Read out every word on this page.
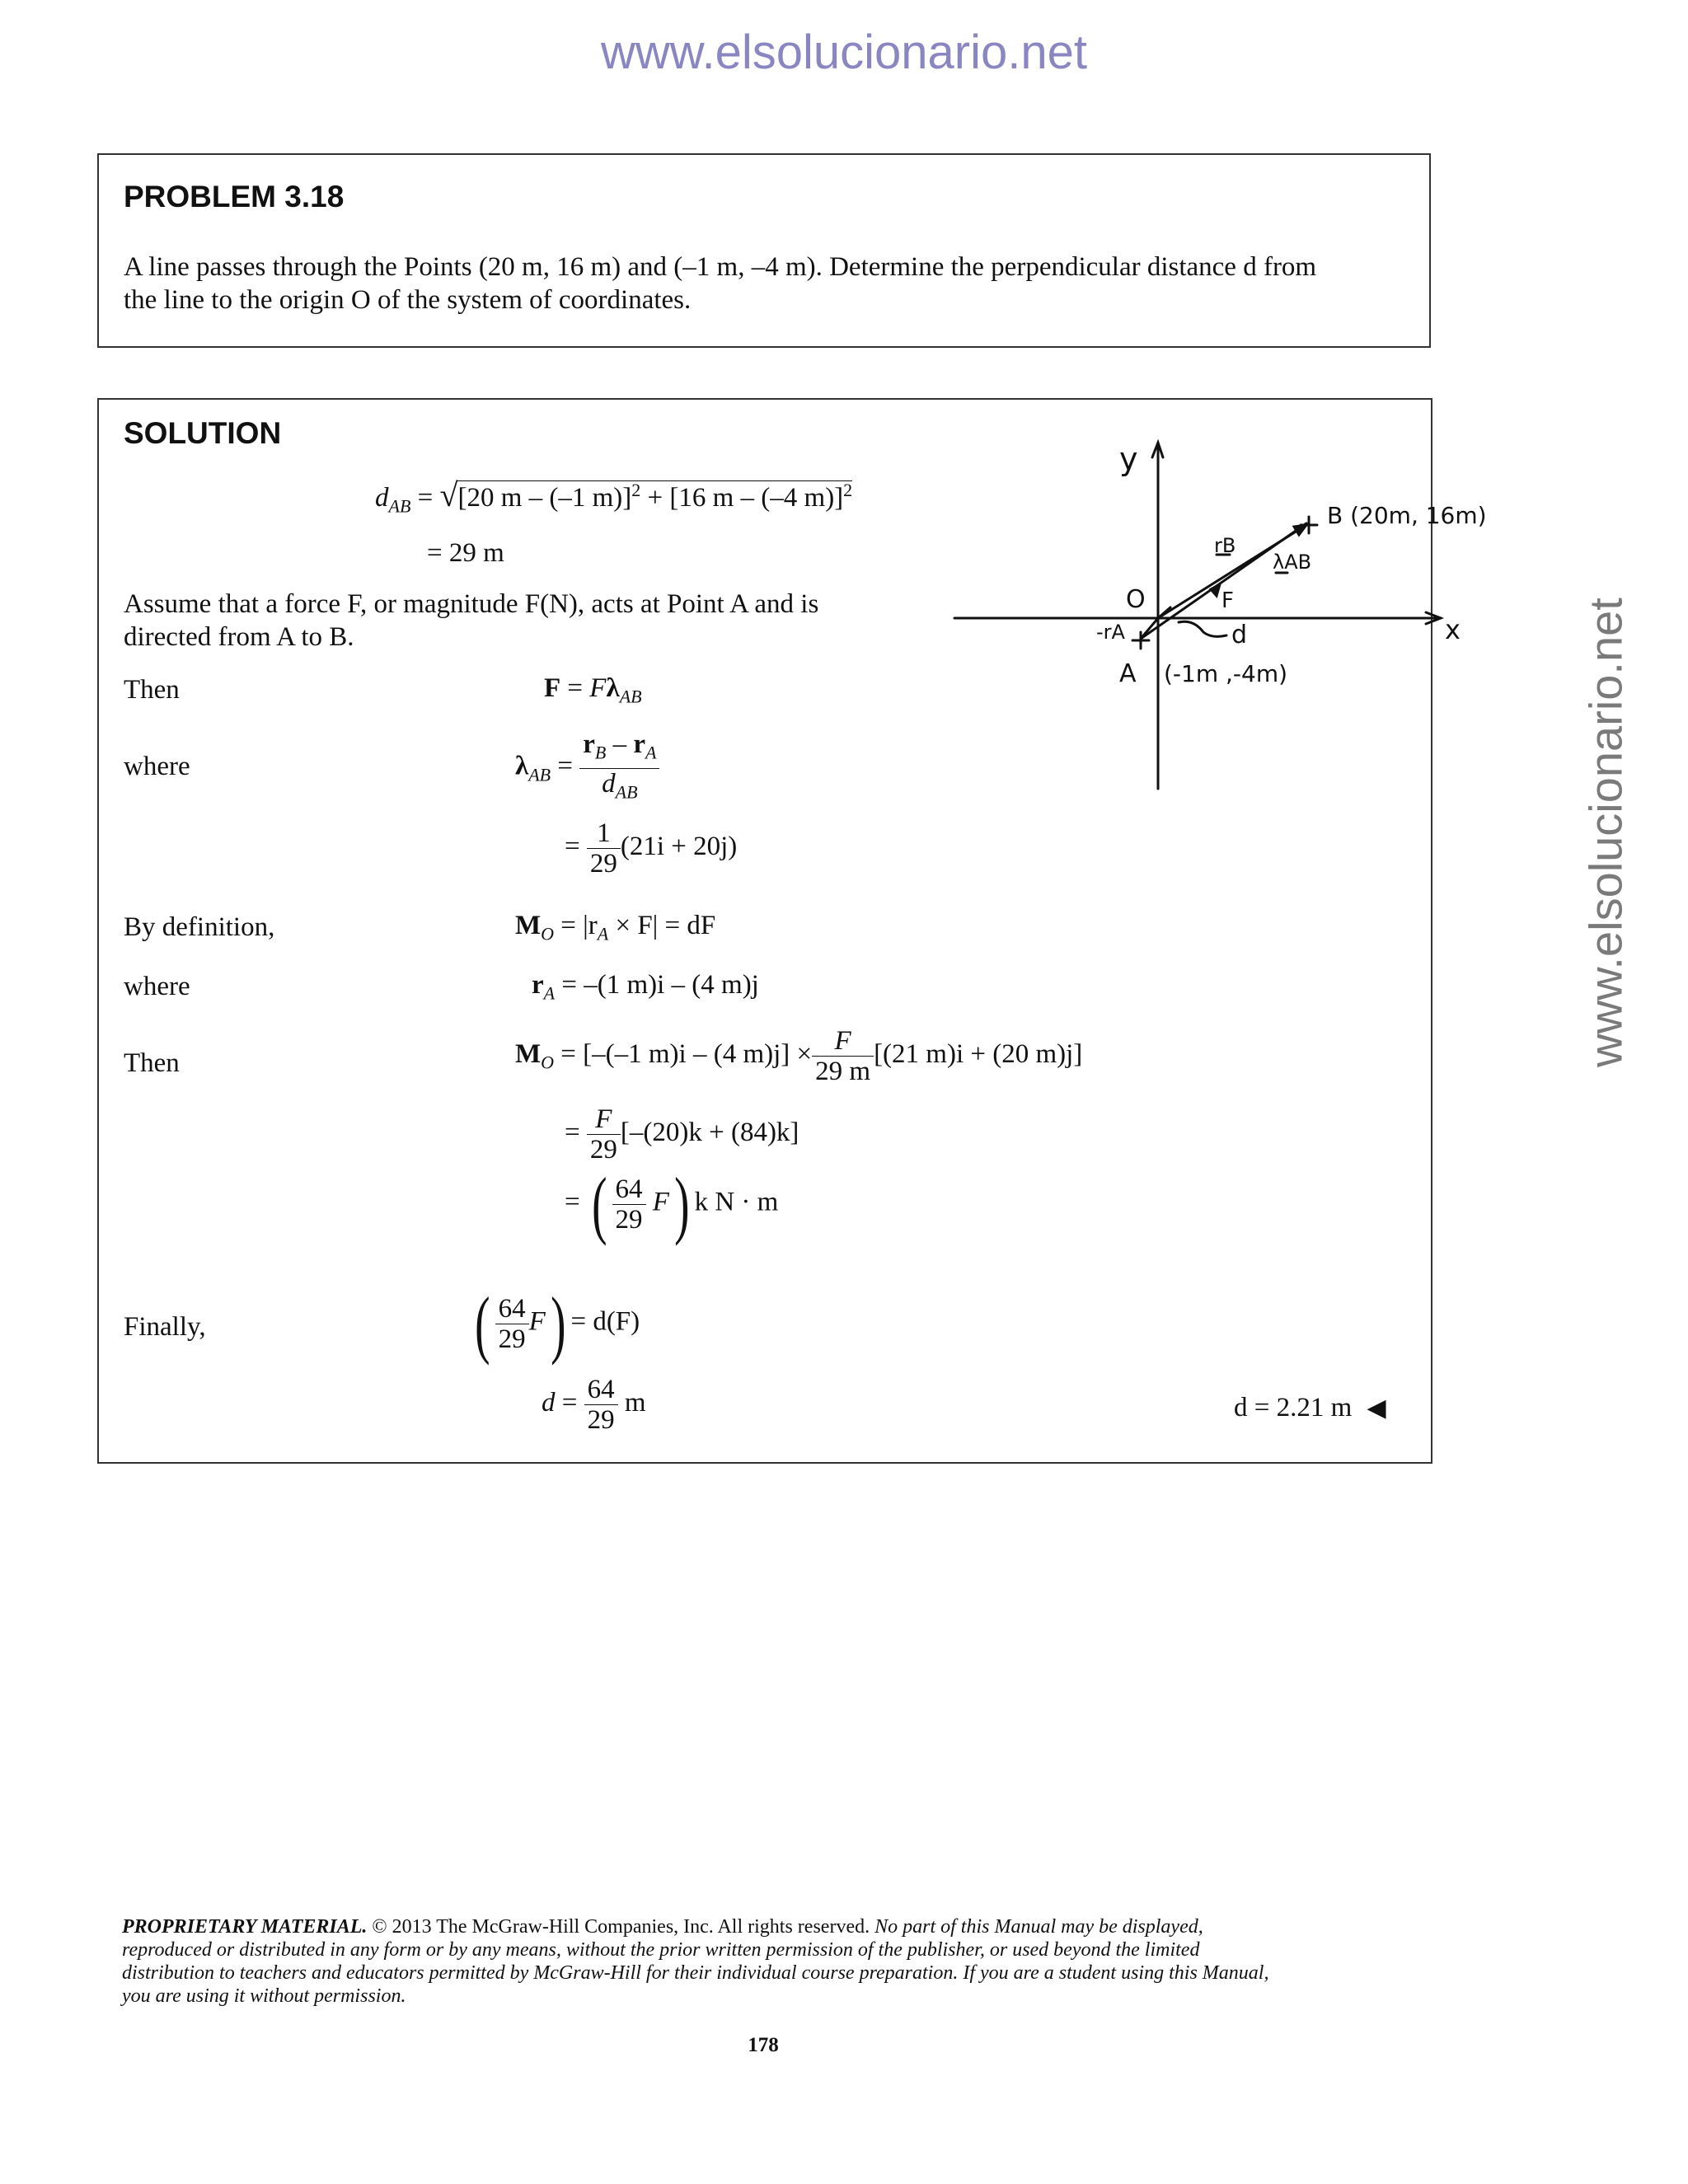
www.elsolucionario.net
www.elsolucionario.net
PROBLEM 3.18
A line passes through the Points (20 m, 16 m) and (–1 m, –4 m). Determine the perpendicular distance d from
the line to the origin O of the system of coordinates.
SOLUTION
$d_{AB} = √[20$ m – (–1 m)]$^2$ + [16 m – (–4 m)]$^2$
= 29 m
Assume that a force F, or magnitude F(N), acts at Point A and is
directed from A to B.
Then	$F = F\lambda_{AB}$
where	$\lambda_{AB} = \frac{r_B - r_A}{d_{AB}}$
= $\frac{1}{29} (21i + 20j)$
By definition,	$M_O = |r_A \times F|$ = dF
where	$r_A = -(1$ m)i – (4 m)j
Then	$M_O = [-(-1$ m)i – (4 $m)j] \times \frac{F}{29 m} [(21$ m)i + (20 m)j]
= $\frac{F}{29} [-(20)k + (84)k]$
= ( $\frac{64}{29} F$) k N · m
Finally,	( $\frac{64}{29} F) = d(F)$
$d = \frac{64}{29}$ m	d = 2.21 m ◀
y
x
O
A (-1m ,-4m)
B (20m, 16m)
rB
-rA
λAB
F
d
PROPRIETARY MATERIAL. © 2013 The McGraw-Hill Companies, Inc. All rights reserved. No part of this Manual may be displayed,
reproduced or distributed in any form or by any means, without the prior written permission of the publisher, or used beyond the limited
distribution to teachers and educators permitted by McGraw-Hill for their individual course preparation. If you are a student using this Manual,
you are using it without permission.
178
